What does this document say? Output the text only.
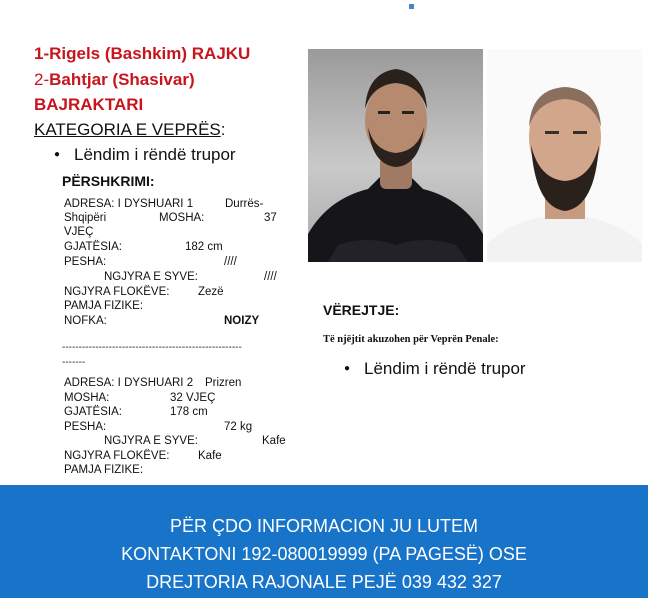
1-Rigels (Bashkim) RAJKU
2-Bahtjar (Shasivar)
BAJRAKTARI
KATEGORIA E VEPRËS:
● Lëndim i rëndë trupor
PËRSHKRIMI:
ADRESA: I DYSHUARI 1	Durrës-
Shqipëri	MOSHA:	37
VJEÇ
GJATËSIA:	182 cm
PESHA:	////
NGJYRA E SYVE:	////
NGJYRA FLOKËVE: Zezë
PAMJA FIZIKE:
NOFKA:	NOIZY
------------------------------------------------------
-------
ADRESA: I DYSHUARI 2 Prizren
MOSHA:	32 VJEÇ
GJATËSIA:	178 cm
PESHA:	72 kg
NGJYRA E SYVE:	Kafe
NGJYRA FLOKËVE: Kafe
PAMJA FIZIKE:
VËREJTJE:
Të njëjtit akuzohen për Veprën Penale:
● Lëndim i rëndë trupor
PËR ÇDO INFORMACION JU LUTEM
KONTAKTONI 192-080019999 (PA PAGESË) OSE
DREJTORIA RAJONALE PEJË 039 432 327
